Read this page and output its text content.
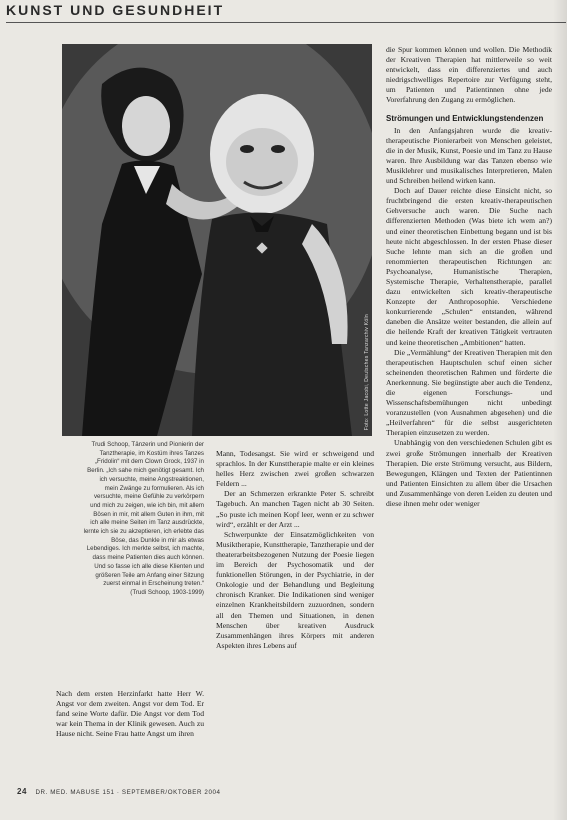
KUNST UND GESUNDHEIT
Foto: Lotte Jacobi, Deutsches Tanzarchiv Köln

Trudi Schoop, Tänzerin und Pionierin der

Tanztherapie, im Kostüm ihres Tanzes

„Fridolin“ mit dem Clown Grock, 1937 in

Berlin. „Ich sahe mich genötigt gesamt. Ich

ich versuchte, meine Angstreaktionen,

mein Zwänge zu formulieren. Als ich

versuchte, meine Gefühle zu verkörpern

und mich zu zeigen, wie ich bin, mit allem

Bösen in mir, mit allem Guten in ihm, mit

ich alle meine Seiten im Tanz ausdrückte,

lernte ich sie zu akzeptieren, ich erlebte das

Böse, das Dunkle in mir als etwas

Lebendiges. Ich merkte selbst, ich machte,

dass meine Patienten dies auch können.

Und so fasse ich alle diese Klienten und

größeren Teile am Anfang einer Sitzung

zuerst einmal in Erscheinung treten.“

(Trudi Schoop, 1903-1999)

Nach dem ersten Herzinfarkt hatte Herr W. Angst vor dem zweiten. Angst vor dem Tod. Er fand seine Worte dafür. Die Angst vor dem Tod war kein Thema in der Klinik gewesen. Auch zu Hause nicht. Seine Frau hatte Angst um ihren

Mann, Todesangst. Sie wird er schweigend und sprachlos. In der Kunsttherapie malte er ein kleines helles Herz zwischen zwei großen schwarzen Feldern ...

Der an Schmerzen erkrankte Peter S. schreibt Tagebuch. An manchen Tagen nicht ab 30 Seiten. „So puste ich meinen Kopf leer, wenn er zu schwer wird“, erzählt er der Arzt ...

Schwerpunkte der Einsatzmöglichkeiten von Musiktherapie, Kunsttherapie, Tanztherapie und der theaterarbeitsbezogenen Nutzung der Poesie liegen im Bereich der Psychosomatik und der funktionellen Störungen, in der Psychiatrie, in der Onkologie und der Behandlung und Begleitung chronisch Kranker. Die Indikationen sind weniger einzelnen Krankheitsbildern zuzuordnen, sondern all den Themen und Situationen, in denen Menschen über kreativen Ausdruck Zusammenhängen ihres Körpers mit anderen Aspekten ihres Lebens auf

die Spur kommen können und wollen. Die Methodik der Kreativen Therapien hat mittlerweile so weit entwickelt, dass ein differenziertes und auch niedrigschwelliges Repertoire zur Verfügung steht, um Patienten und Patientinnen ohne jede Vorerfahrung den Zugang zu ermöglichen.

Strömungen und Entwicklungstendenzen

In den Anfangsjahren wurde die kreativ-therapeutische Pionierarbeit von Menschen geleistet, die in der Musik, Kunst, Poesie und im Tanz zu Hause waren. Ihre Ausbildung war das Tanzen ebenso wie Musiklehrer und musikalisches Interpretieren, Malen und Schreiben heilend wirken kann.

Doch auf Dauer reichte diese Einsicht nicht, so fruchtbringend die ersten kreativ-therapeutischen Gehversuche auch waren. Die Suche nach differenzierten Methoden (Was biete ich wem an?) und einer theoretischen Einbettung begann und ist bis heute nicht abgeschlossen. In der ersten Phase dieser Suche lehnte man sich an die großen und renommierten therapeutischen Richtungen an: Psychoanalyse, Humanistische Therapien, Systemische Therapie, Verhaltenstherapie, parallel dazu entwickelten sich kreativ-therapeutische Konzepte der Anthroposophie. Verschiedene konkurrierende „Schulen“ entstanden, während daneben die Ansätze weiter bestanden, die allein auf die heilende Kraft der kreativen Tätigkeit vertrauten und keine theoretischen „Ambitionen“ hatten.

Die „Vermählung“ der Kreativen Therapien mit den therapeutischen Hauptschulen schuf einen sicher scheinenden theoretischen Rahmen und förderte die Anerkennung. Sie begünstigte aber auch die Tendenz, die eigenen Forschungs- und Wissenschaftsbemühungen nicht unbedingt voranzustellen (von Ausnahmen abgesehen) und die „Heilverfahren“ für die selbst ausgerichteten Therapien einzusetzen zu werden.

Unabhängig von den verschiedenen Schulen gibt es zwei große Strömungen innerhalb der Kreativen Therapien. Die erste Strömung versucht, aus Bildern, Bewegungen, Klängen und Texten der Patientinnen und Patienten Einsichten zu allem über die Ursachen und Zusammenhänge von deren Leiden zu deuten und diese ihnen mehr oder weniger

24 DR. MED. MABUSE 151 · SEPTEMBER/OKTOBER 2004
